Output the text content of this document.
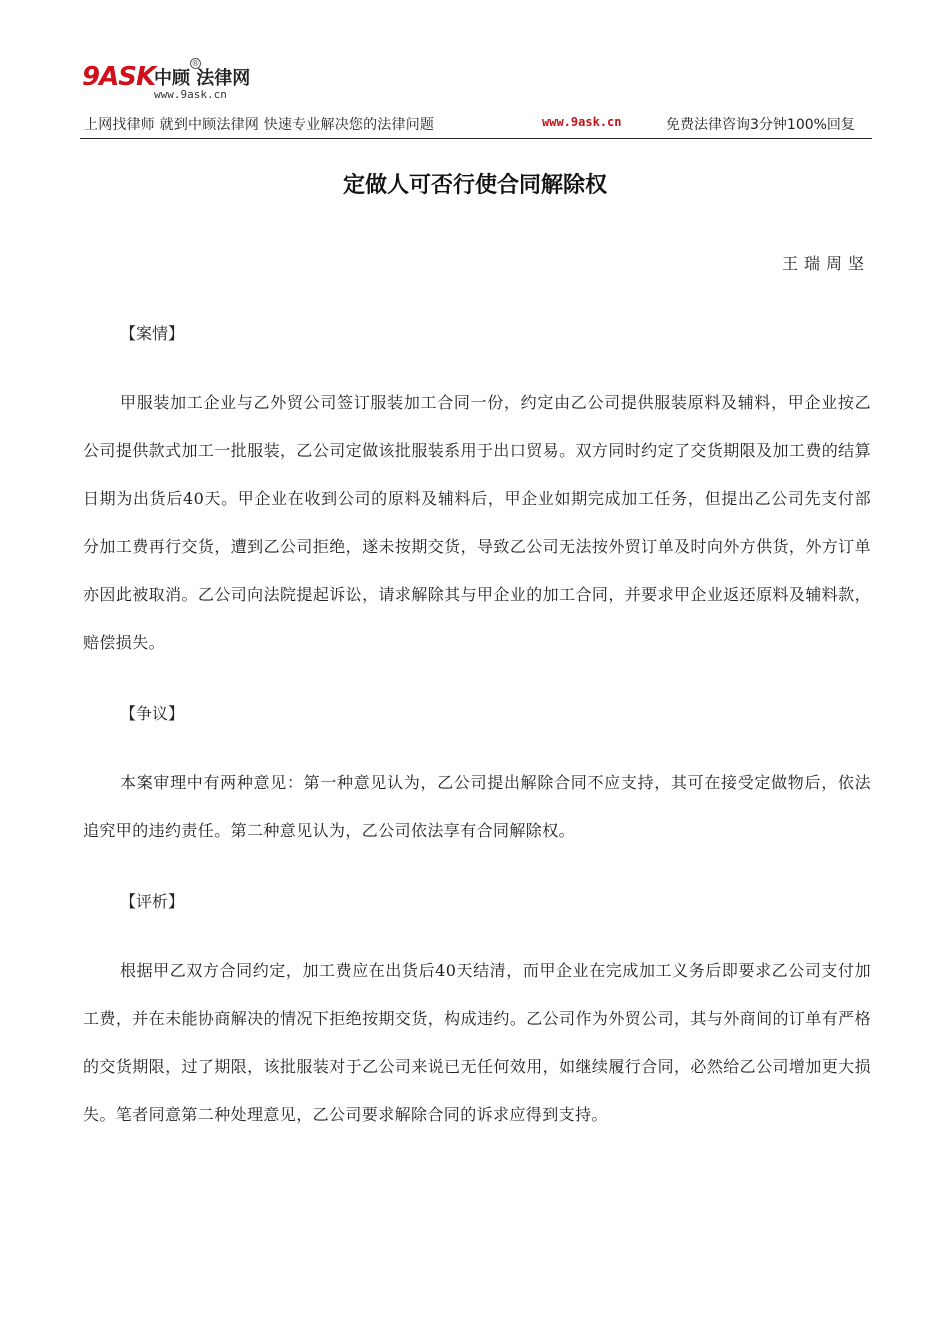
9ASK
中顾 法律网
®
www.9ask.cn
上网找律师 就到中顾法律网 快速专业解决您的法律问题	www.9ask.cn	免费法律咨询3分钟100%回复
定做人可否行使合同解除权
王瑞周坚
【案情】
甲服装加工企业与乙外贸公司签订服装加工合同一份，约定由乙公司提供服装原料及辅料，甲企业按乙公司提供款式加工一批服装，乙公司定做该批服装系用于出口贸易。双方同时约定了交货期限及加工费的结算日期为出货后40天。甲企业在收到公司的原料及辅料后，甲企业如期完成加工任务，但提出乙公司先支付部分加工费再行交货，遭到乙公司拒绝，遂未按期交货，导致乙公司无法按外贸订单及时向外方供货，外方订单亦因此被取消。乙公司向法院提起诉讼，请求解除其与甲企业的加工合同，并要求甲企业返还原料及辅料款，赔偿损失。
【争议】
本案审理中有两种意见：第一种意见认为，乙公司提出解除合同不应支持，其可在接受定做物后，依法追究甲的违约责任。第二种意见认为，乙公司依法享有合同解除权。
【评析】
根据甲乙双方合同约定，加工费应在出货后40天结清，而甲企业在完成加工义务后即要求乙公司支付加工费，并在未能协商解决的情况下拒绝按期交货，构成违约。乙公司作为外贸公司，其与外商间的订单有严格的交货期限，过了期限，该批服装对于乙公司来说已无任何效用，如继续履行合同，必然给乙公司增加更大损失。笔者同意第二种处理意见，乙公司要求解除合同的诉求应得到支持。
